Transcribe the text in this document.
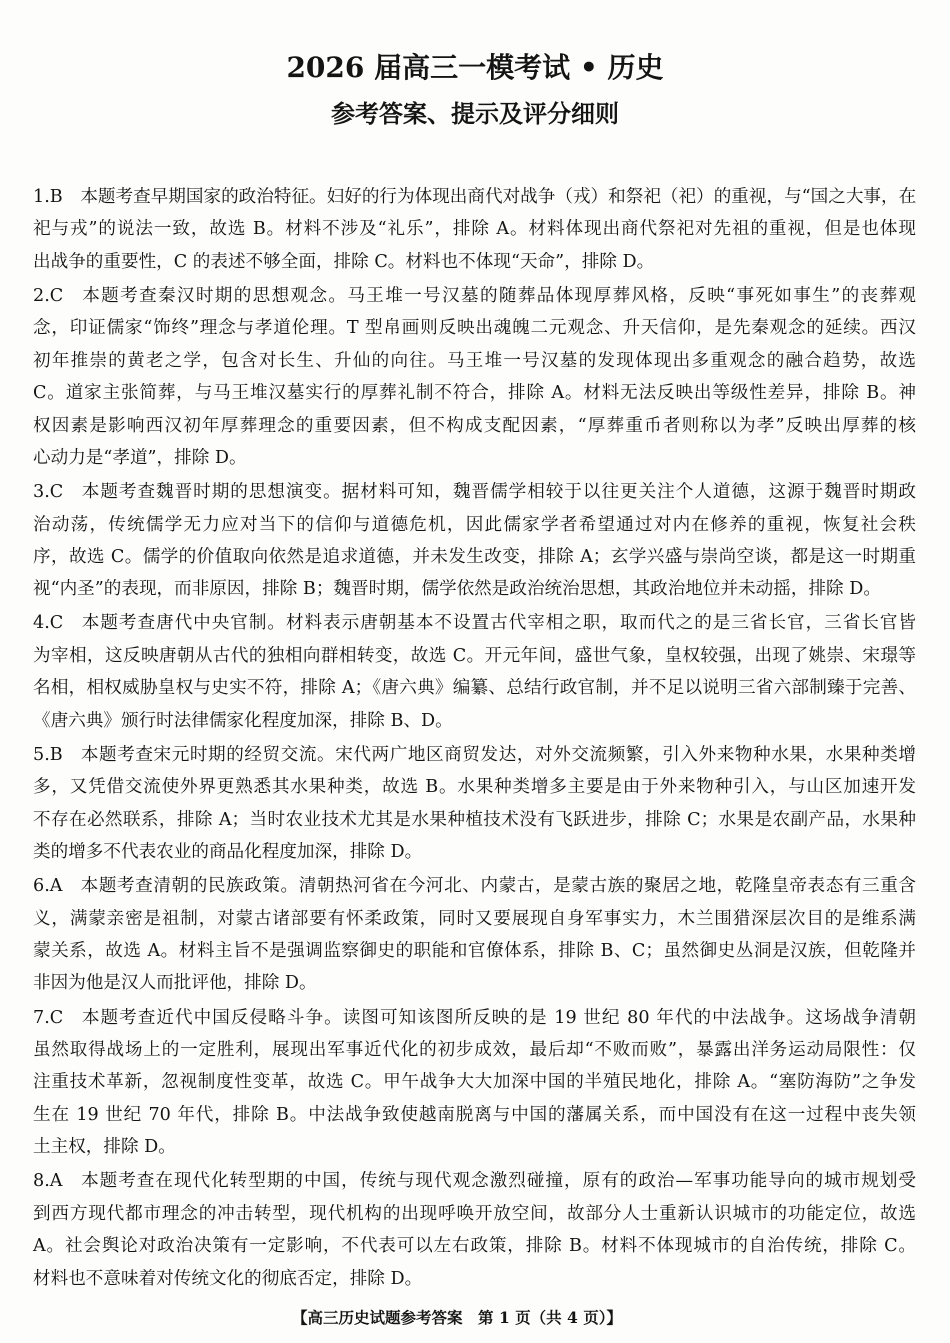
2026 届高三一模考试 • 历史
参考答案、提示及评分细则
1.B 本题考查早期国家的政治特征。妇好的行为体现出商代对战争（戎）和祭祀（祀）的重视，与“国之大事，在
祀与戎”的说法一致，故选 B。材料不涉及“礼乐”，排除 A。材料体现出商代祭祀对先祖的重视，但是也体现
出战争的重要性，C 的表述不够全面，排除 C。材料也不体现“天命”，排除 D。
2.C 本题考查秦汉时期的思想观念。马王堆一号汉墓的随葬品体现厚葬风格，反映“事死如事生”的丧葬观
念，印证儒家“饰终”理念与孝道伦理。T 型帛画则反映出魂魄二元观念、升天信仰，是先秦观念的延续。西汉
初年推崇的黄老之学，包含对长生、升仙的向往。马王堆一号汉墓的发现体现出多重观念的融合趋势，故选
C。道家主张简葬，与马王堆汉墓实行的厚葬礼制不符合，排除 A。材料无法反映出等级性差异，排除 B。神
权因素是影响西汉初年厚葬理念的重要因素，但不构成支配因素，“厚葬重币者则称以为孝”反映出厚葬的核
心动力是“孝道”，排除 D。
3.C 本题考查魏晋时期的思想演变。据材料可知，魏晋儒学相较于以往更关注个人道德，这源于魏晋时期政
治动荡，传统儒学无力应对当下的信仰与道德危机，因此儒家学者希望通过对内在修养的重视，恢复社会秩
序，故选 C。儒学的价值取向依然是追求道德，并未发生改变，排除 A；玄学兴盛与崇尚空谈，都是这一时期重
视“内圣”的表现，而非原因，排除 B；魏晋时期，儒学依然是政治统治思想，其政治地位并未动摇，排除 D。
4.C 本题考查唐代中央官制。材料表示唐朝基本不设置古代宰相之职，取而代之的是三省长官，三省长官皆
为宰相，这反映唐朝从古代的独相向群相转变，故选 C。开元年间，盛世气象，皇权较强，出现了姚崇、宋璟等
名相，相权威胁皇权与史实不符，排除 A；《唐六典》编纂、总结行政官制，并不足以说明三省六部制臻于完善、
《唐六典》颁行时法律儒家化程度加深，排除 B、D。
5.B 本题考查宋元时期的经贸交流。宋代两广地区商贸发达，对外交流频繁，引入外来物种水果，水果种类增
多，又凭借交流使外界更熟悉其水果种类，故选 B。水果种类增多主要是由于外来物种引入，与山区加速开发
不存在必然联系，排除 A；当时农业技术尤其是水果种植技术没有飞跃进步，排除 C；水果是农副产品，水果种
类的增多不代表农业的商品化程度加深，排除 D。
6.A 本题考查清朝的民族政策。清朝热河省在今河北、内蒙古，是蒙古族的聚居之地，乾隆皇帝表态有三重含
义，满蒙亲密是祖制，对蒙古诸部要有怀柔政策，同时又要展现自身军事实力，木兰围猎深层次目的是维系满
蒙关系，故选 A。材料主旨不是强调监察御史的职能和官僚体系，排除 B、C；虽然御史丛洞是汉族，但乾隆并
非因为他是汉人而批评他，排除 D。
7.C 本题考查近代中国反侵略斗争。读图可知该图所反映的是 19 世纪 80 年代的中法战争。这场战争清朝
虽然取得战场上的一定胜利，展现出军事近代化的初步成效，最后却“不败而败”，暴露出洋务运动局限性：仅
注重技术革新，忽视制度性变革，故选 C。甲午战争大大加深中国的半殖民地化，排除 A。“塞防海防”之争发
生在 19 世纪 70 年代，排除 B。中法战争致使越南脱离与中国的藩属关系，而中国没有在这一过程中丧失领
土主权，排除 D。
8.A 本题考查在现代化转型期的中国，传统与现代观念激烈碰撞，原有的政治—军事功能导向的城市规划受
到西方现代都市理念的冲击转型，现代机构的出现呼唤开放空间，故部分人士重新认识城市的功能定位，故选
A。社会舆论对政治决策有一定影响，不代表可以左右政策，排除 B。材料不体现城市的自治传统，排除 C。
材料也不意味着对传统文化的彻底否定，排除 D。
【高三历史试题参考答案　第 1 页（共 4 页）】
